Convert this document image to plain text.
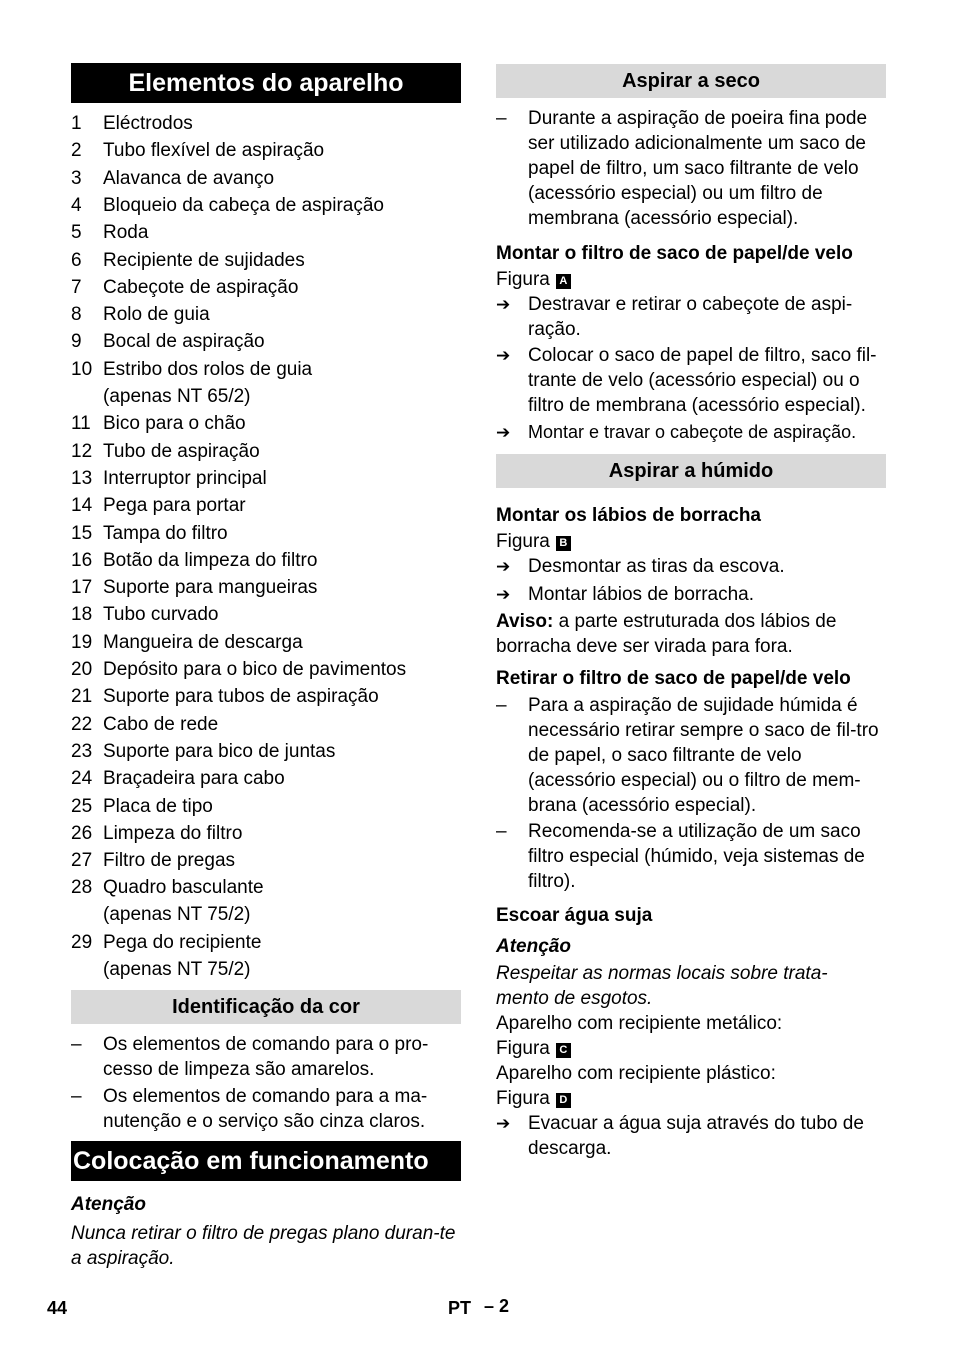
Elementos do aparelho
1 Eléctrodos
2 Tubo flexível de aspiração
3 Alavanca de avanço
4 Bloqueio da cabeça de aspiração
5 Roda
6 Recipiente de sujidades
7 Cabeçote de aspiração
8 Rolo de guia
9 Bocal de aspiração
10 Estribo dos rolos de guia
(apenas NT 65/2)
11 Bico para o chão
12 Tubo de aspiração
13 Interruptor principal
14 Pega para portar
15 Tampa do filtro
16 Botão da limpeza do filtro
17 Suporte para mangueiras
18 Tubo curvado
19 Mangueira de descarga
20 Depósito para o bico de pavimentos
21 Suporte para tubos de aspiração
22 Cabo de rede
23 Suporte para bico de juntas
24 Braçadeira para cabo
25 Placa de tipo
26 Limpeza do filtro
27 Filtro de pregas
28 Quadro basculante
(apenas NT 75/2)
29 Pega do recipiente
(apenas NT 75/2)
Identificação da cor
– Os elementos de comando para o pro-cesso de limpeza são amarelos.
– Os elementos de comando para a ma-nutenção e o serviço são cinza claros.
Colocação em funcionamento
Atenção
Nunca retirar o filtro de pregas plano duran-te a aspiração.
Aspirar a seco
– Durante a aspiração de poeira fina pode ser utilizado adicionalmente um saco de papel de filtro, um saco filtrante de velo (acessório especial) ou um filtro de membrana (acessório especial).
Montar o filtro de saco de papel/de velo
Figura A
➔ Destravar e retirar o cabeçote de aspi-ração.
➔ Colocar o saco de papel de filtro, saco fil-trante de velo (acessório especial) ou o filtro de membrana (acessório especial).
➔ Montar e travar o cabeçote de aspiração.
Aspirar a húmido
Montar os lábios de borracha
Figura B
➔ Desmontar as tiras da escova.
➔ Montar lábios de borracha.
Aviso: a parte estruturada dos lábios de
borracha deve ser virada para fora.
Retirar o filtro de saco de papel/de velo
– Para a aspiração de sujidade húmida é necessário retirar sempre o saco de fil-tro de papel, o saco filtrante de velo (acessório especial) ou o filtro de mem-brana (acessório especial).
– Recomenda-se a utilização de um saco filtro especial (húmido, veja sistemas de filtro).
Escoar água suja
Atenção
Respeitar as normas locais sobre trata-
mento de esgotos.
Aparelho com recipiente metálico:
Figura C
Aparelho com recipiente plástico:
Figura D
➔ Evacuar a água suja através do tubo de descarga.
44	PT – 2
